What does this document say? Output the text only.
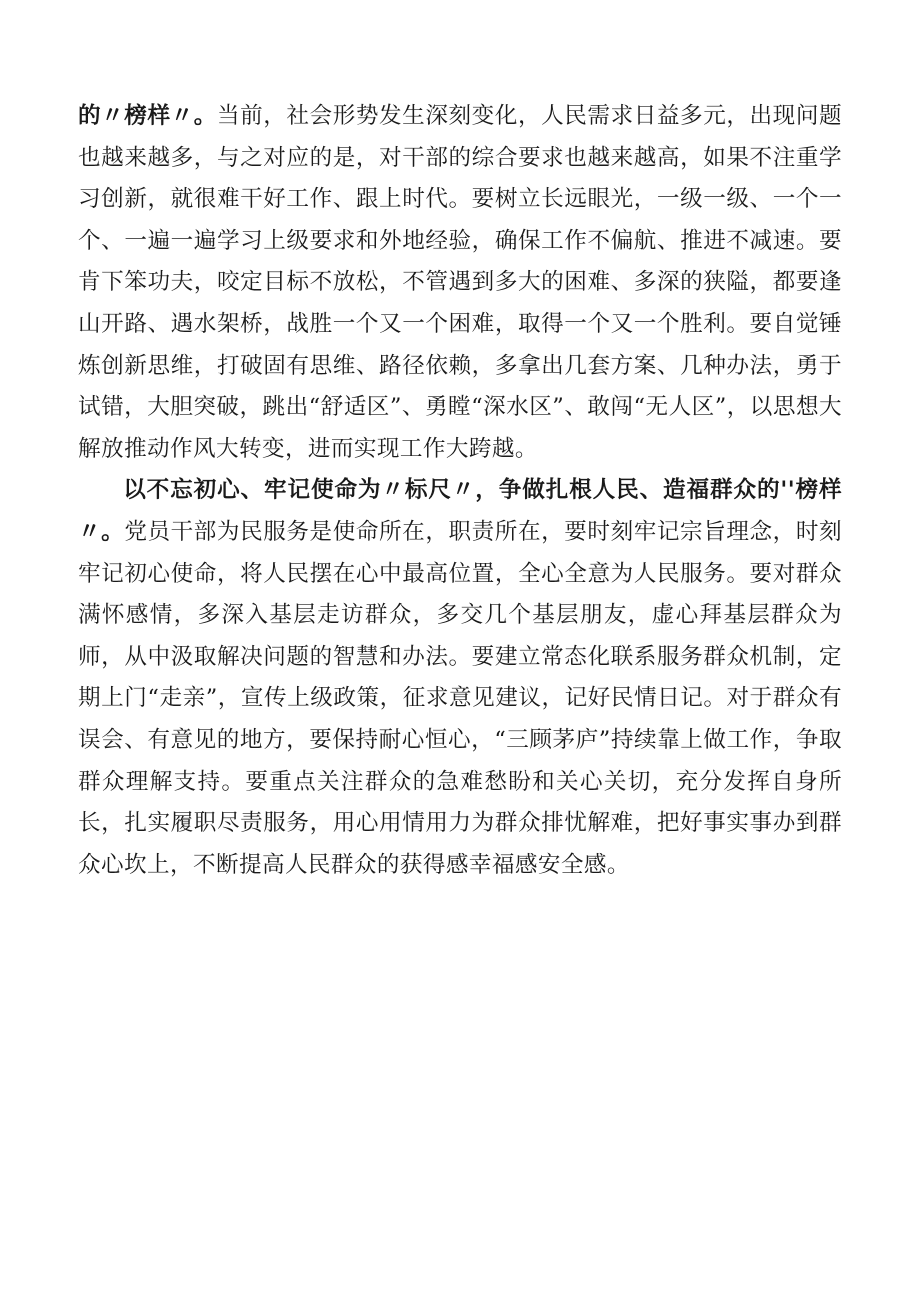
的〃榜样〃。当前，社会形势发生深刻变化，人民需求日益多元，出现问题也越来越多，与之对应的是，对干部的综合要求也越来越高，如果不注重学习创新，就很难干好工作、跟上时代。要树立长远眼光，一级一级、一个一个、一遍一遍学习上级要求和外地经验，确保工作不偏航、推进不减速。要肯下笨功夫，咬定目标不放松，不管遇到多大的困难、多深的狭隘，都要逢山开路、遇水架桥，战胜一个又一个困难，取得一个又一个胜利。要自觉锤炼创新思维，打破固有思维、路径依赖，多拿出几套方案、几种办法，勇于试错，大胆突破，跳出“舒适区”、勇瞠“深水区”、敢闯“无人区”，以思想大解放推动作风大转变，进而实现工作大跨越。

以不忘初心、牢记使命为〃标尺〃，争做扎根人民、造福群众的''榜样〃。党员干部为民服务是使命所在，职责所在，要时刻牢记宗旨理念，时刻牢记初心使命，将人民摆在心中最高位置，全心全意为人民服务。要对群众满怀感情，多深入基层走访群众，多交几个基层朋友，虚心拜基层群众为师，从中汲取解决问题的智慧和办法。要建立常态化联系服务群众机制，定期上门“走亲”，宣传上级政策，征求意见建议，记好民情日记。对于群众有误会、有意见的地方，要保持耐心恒心，“三顾茅庐”持续靠上做工作，争取群众理解支持。要重点关注群众的急难愁盼和关心关切，充分发挥自身所长，扎实履职尽责服务，用心用情用力为群众排忧解难，把好事实事办到群众心坎上，不断提高人民群众的获得感幸福感安全感。
